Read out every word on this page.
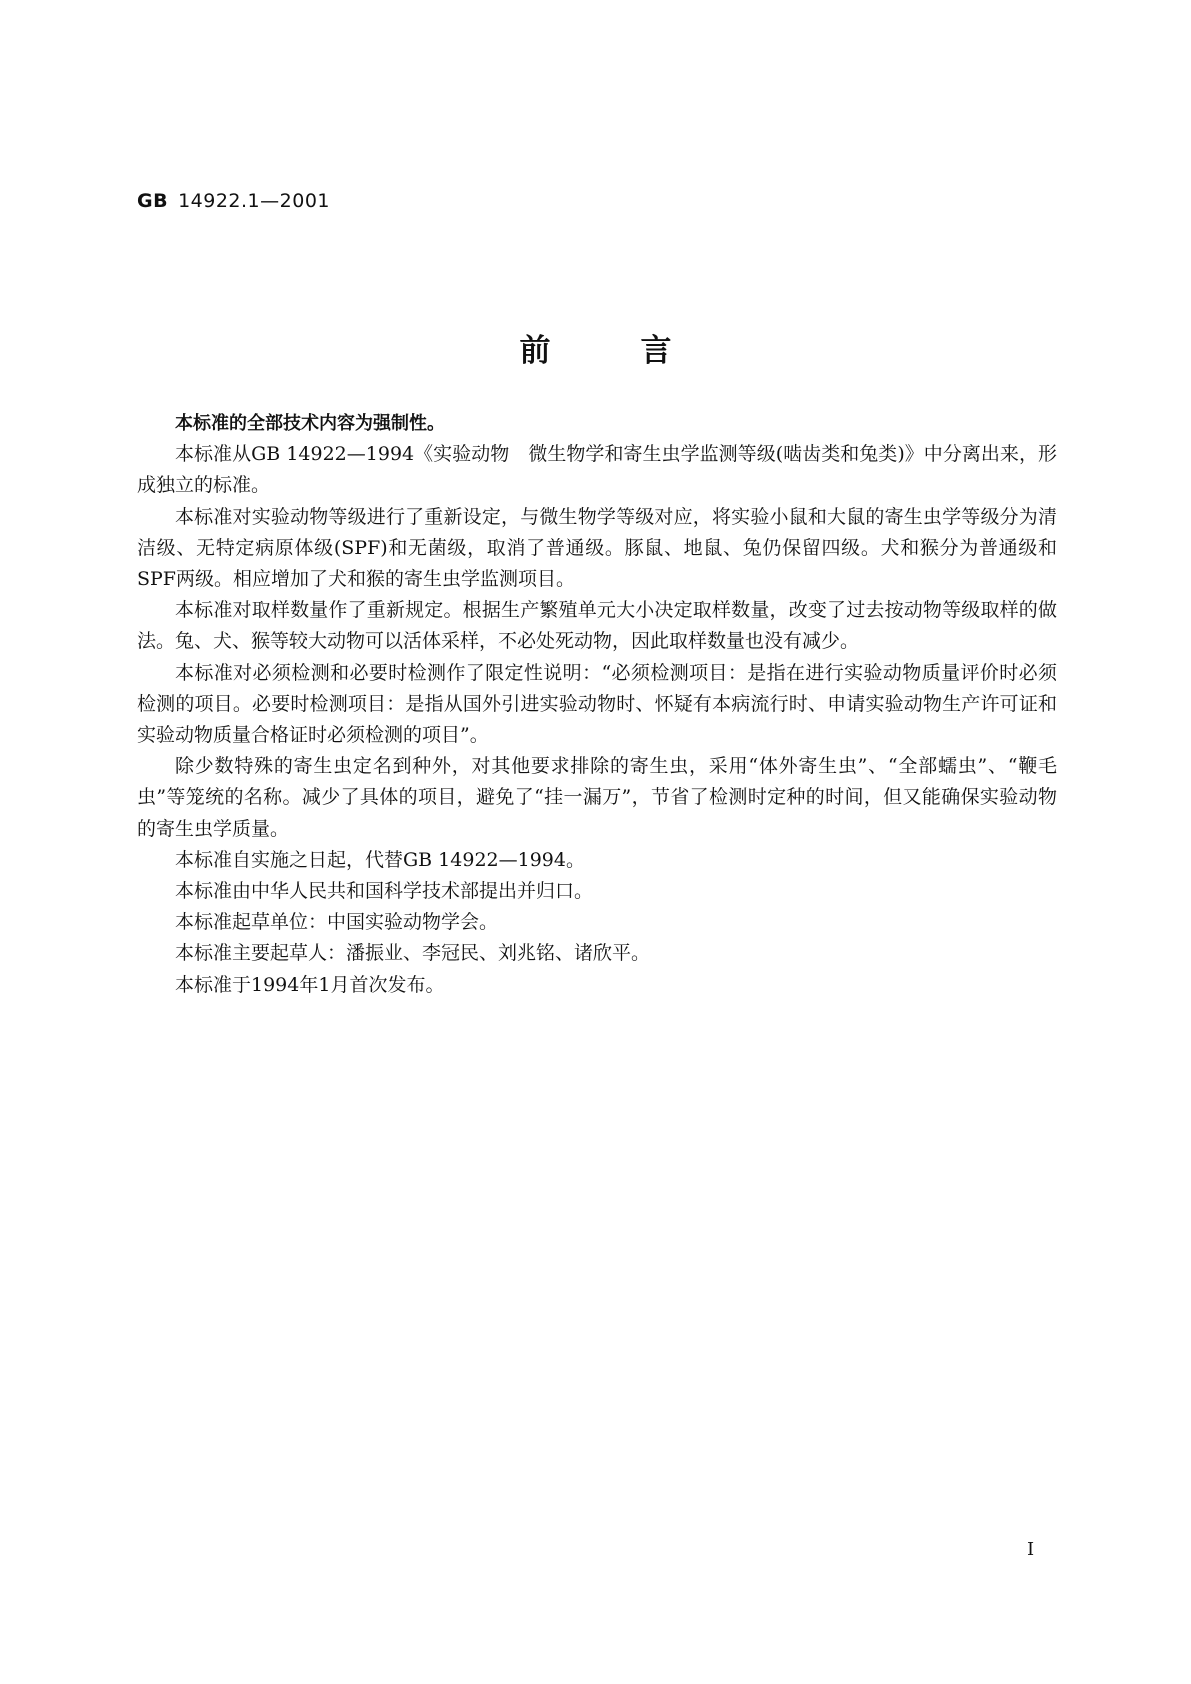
GB 14922.1—2001
前言

本标准的全部技术内容为强制性。

本标准从GB 14922—1994《实验动物　微生物学和寄生虫学监测等级(啮齿类和兔类)》中分离出来，形成独立的标准。

本标准对实验动物等级进行了重新设定，与微生物学等级对应，将实验小鼠和大鼠的寄生虫学等级分为清洁级、无特定病原体级(SPF)和无菌级，取消了普通级。豚鼠、地鼠、兔仍保留四级。犬和猴分为普通级和SPF两级。相应增加了犬和猴的寄生虫学监测项目。

本标准对取样数量作了重新规定。根据生产繁殖单元大小决定取样数量，改变了过去按动物等级取样的做法。兔、犬、猴等较大动物可以活体采样，不必处死动物，因此取样数量也没有减少。

本标准对必须检测和必要时检测作了限定性说明：“必须检测项目：是指在进行实验动物质量评价时必须检测的项目。必要时检测项目：是指从国外引进实验动物时、怀疑有本病流行时、申请实验动物生产许可证和实验动物质量合格证时必须检测的项目”。

除少数特殊的寄生虫定名到种外，对其他要求排除的寄生虫，采用“体外寄生虫”、“全部蠕虫”、“鞭毛虫”等笼统的名称。减少了具体的项目，避免了“挂一漏万”，节省了检测时定种的时间，但又能确保实验动物的寄生虫学质量。

本标准自实施之日起，代替GB 14922—1994。

本标准由中华人民共和国科学技术部提出并归口。

本标准起草单位：中国实验动物学会。

本标准主要起草人：潘振业、李冠民、刘兆铭、诸欣平。

本标准于1994年1月首次发布。

I
